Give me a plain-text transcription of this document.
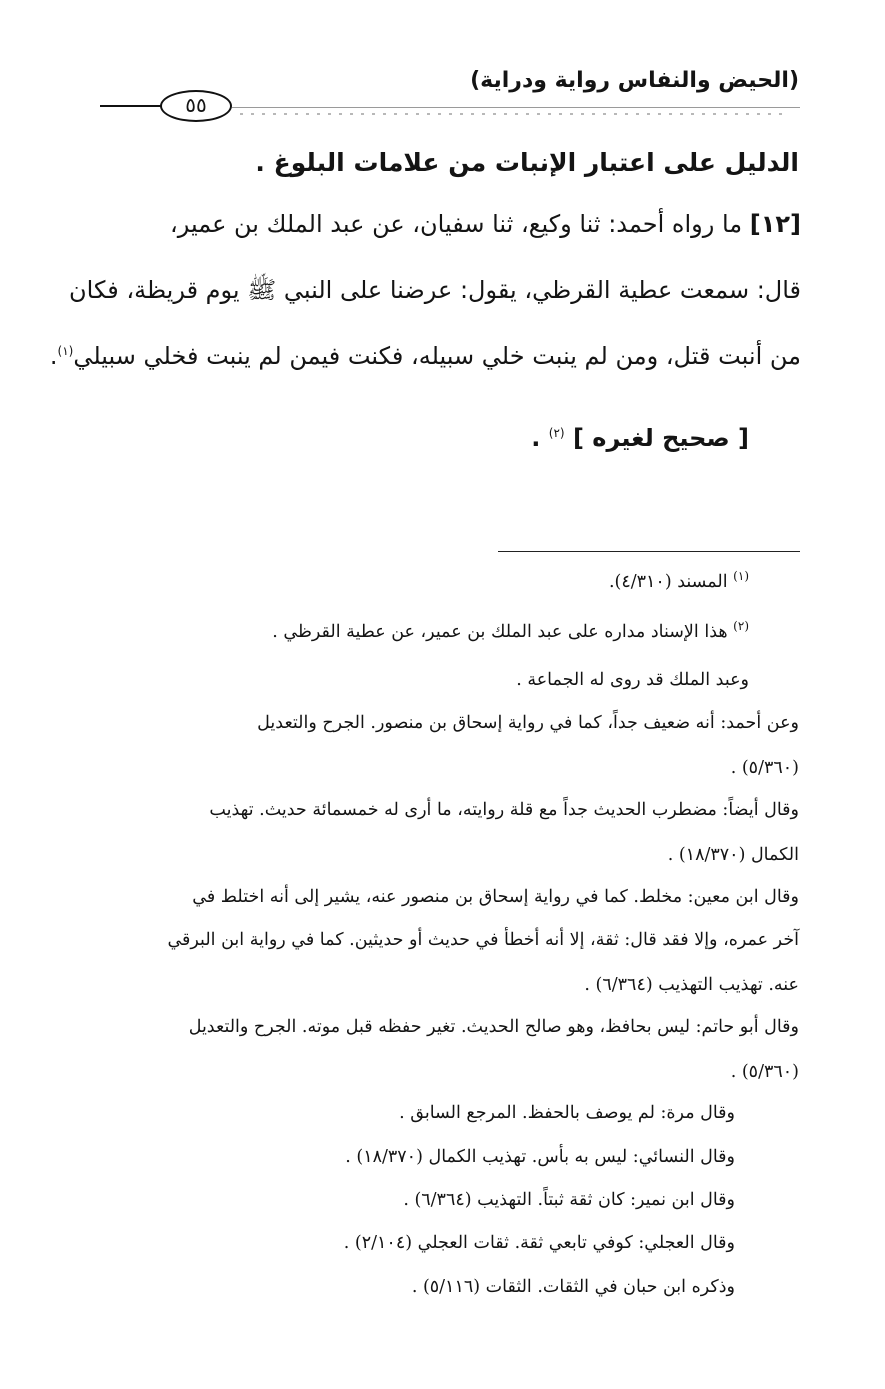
(الحيض والنفاس رواية ودراية)
٥٥
الدليل على اعتبار الإنبات من علامات البلوغ .
[١٢] ما رواه أحمد: ثنا وكيع، ثنا سفيان، عن عبد الملك بن عمير،
قال: سمعت عطية القرظي، يقول: عرضنا على النبي ﷺ يوم قريظة، فكان
من أنبت قتل، ومن لم ينبت خلي سبيله، فكنت فيمن لم ينبت فخلي سبيلي$^{(١)}$.
[ صحيح لغيره ] $^{(٢)}$ .
$^{(١)}$ المسند (٤/٣١٠).
$^{(٢)}$ هذا الإسناد مداره على عبد الملك بن عمير، عن عطية القرظي .
وعبد الملك قد روى له الجماعة .
وعن أحمد: أنه ضعيف جداً، كما في رواية إسحاق بن منصور. الجرح والتعديل
(٥/٣٦٠) .
وقال أيضاً: مضطرب الحديث جداً مع قلة روايته، ما أرى له خمسمائة حديث. تهذيب
الكمال (١٨/٣٧٠) .
وقال ابن معين: مخلط. كما في رواية إسحاق بن منصور عنه، يشير إلى أنه اختلط في
آخر عمره، وإلا فقد قال: ثقة، إلا أنه أخطأ في حديث أو حديثين. كما في رواية ابن البرقي
عنه. تهذيب التهذيب (٦/٣٦٤) .
وقال أبو حاتم: ليس بحافظ، وهو صالح الحديث. تغير حفظه قبل موته. الجرح والتعديل
(٥/٣٦٠) .
وقال مرة: لم يوصف بالحفظ. المرجع السابق .
وقال النسائي: ليس به بأس. تهذيب الكمال (١٨/٣٧٠) .
وقال ابن نمير: كان ثقة ثبتاً. التهذيب (٦/٣٦٤) .
وقال العجلي: كوفي تابعي ثقة. ثقات العجلي (٢/١٠٤) .
وذكره ابن حبان في الثقات. الثقات (٥/١١٦) .
